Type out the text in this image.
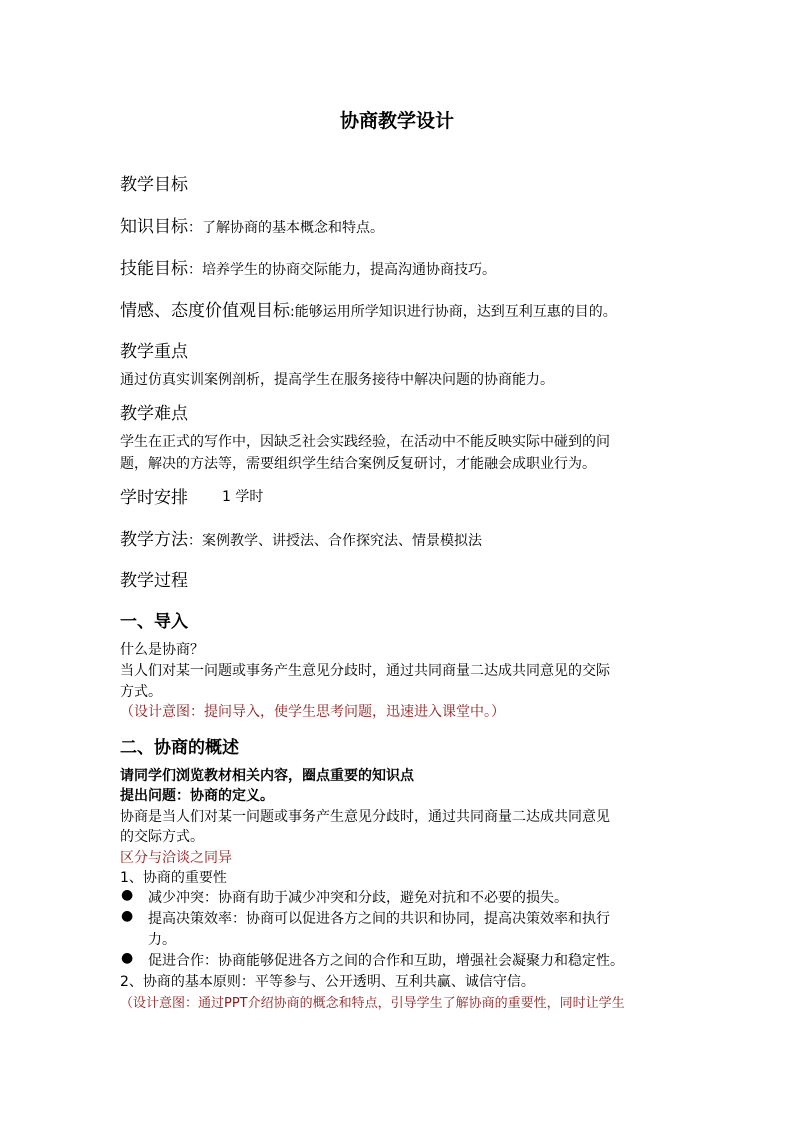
协商教学设计
教学目标
知识目标：了解协商的基本概念和特点。
技能目标：培养学生的协商交际能力，提高沟通协商技巧。
情感、态度价值观目标:能够运用所学知识进行协商，达到互利互惠的目的。
教学重点
通过仿真实训案例剖析，提高学生在服务接待中解决问题的协商能力。
教学难点
学生在正式的写作中，因缺乏社会实践经验，在活动中不能反映实际中碰到的问
题，解决的方法等，需要组织学生结合案例反复研讨，才能融会成职业行为。
学时安排 1 学时
教学方法：案例教学、讲授法、合作探究法、情景模拟法
教学过程
一、导入
什么是协商？
当人们对某一问题或事务产生意见分歧时，通过共同商量二达成共同意见的交际
方式。
（设计意图：提问导入，使学生思考问题，迅速进入课堂中。）
二、协商的概述
请同学们浏览教材相关内容，圈点重要的知识点
提出问题：协商的定义。
协商是当人们对某一问题或事务产生意见分歧时，通过共同商量二达成共同意见
的交际方式。
区分与洽谈之同异
1、协商的重要性
● 减少冲突：协商有助于减少冲突和分歧，避免对抗和不必要的损失。
● 提高决策效率：协商可以促进各方之间的共识和协同，提高决策效率和执行
力。
● 促进合作：协商能够促进各方之间的合作和互助，增强社会凝聚力和稳定性。
2、协商的基本原则：平等参与、公开透明、互利共赢、诚信守信。
（设计意图：通过PPT介绍协商的概念和特点，引导学生了解协商的重要性，同时让学生
